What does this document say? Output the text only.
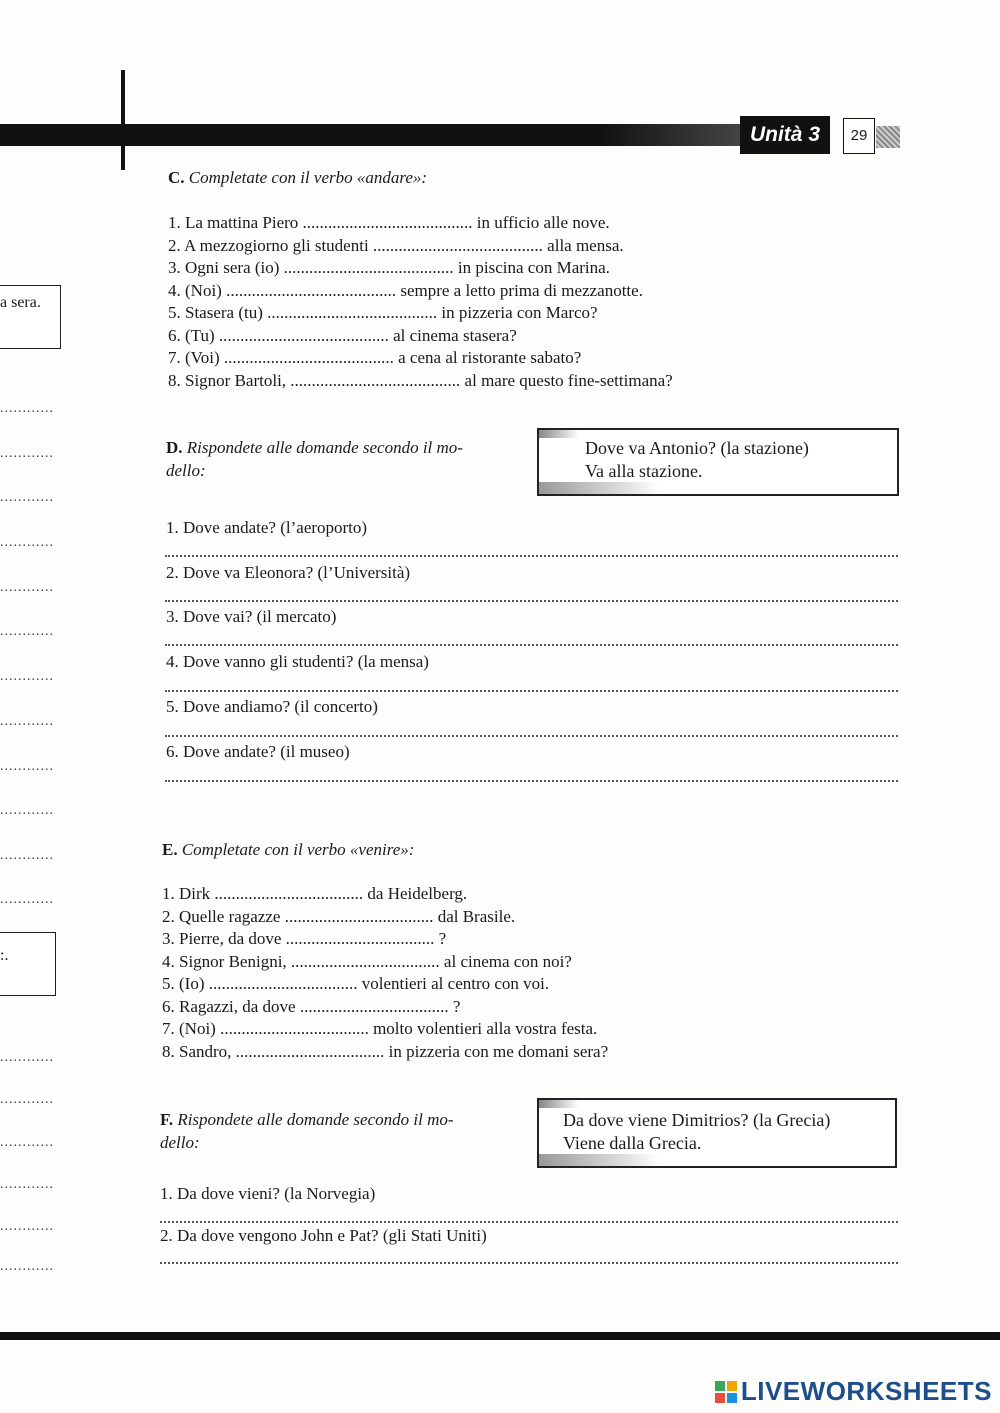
Unità 3	29
a sera.
:.
............
............
............
............
............
............
............
............
............
............
............
............
............
............
............
............
............
............
C. Completate con il verbo «andare»:
1. La mattina Piero ........................................ in ufficio alle nove.
2. A mezzogiorno gli studenti ........................................ alla mensa.
3. Ogni sera (io) ........................................ in piscina con Marina.
4. (Noi) ........................................ sempre a letto prima di mezzanotte.
5. Stasera (tu) ........................................ in pizzeria con Marco?
6. (Tu) ........................................ al cinema stasera?
7. (Voi) ........................................ a cena al ristorante sabato?
8. Signor Bartoli, ........................................ al mare questo fine-settimana?
D. Rispondete alle domande secondo il mo-
dello:
Dove va Antonio? (la stazione)
Va alla stazione.
1. Dove andate? (l’aeroporto)
2. Dove va Eleonora? (l’Università)
3. Dove vai? (il mercato)
4. Dove vanno gli studenti? (la mensa)
5. Dove andiamo? (il concerto)
6. Dove andate? (il museo)
E. Completate con il verbo «venire»:
1. Dirk ................................... da Heidelberg.
2. Quelle ragazze ................................... dal Brasile.
3. Pierre, da dove ................................... ?
4. Signor Benigni, ................................... al cinema con noi?
5. (Io) ................................... volentieri al centro con voi.
6. Ragazzi, da dove ................................... ?
7. (Noi) ................................... molto volentieri alla vostra festa.
8. Sandro, ................................... in pizzeria con me domani sera?
F. Rispondete alle domande secondo il mo-
dello:
Da dove viene Dimitrios? (la Grecia)
Viene dalla Grecia.
1. Da dove vieni? (la Norvegia)
2. Da dove vengono John e Pat? (gli Stati Uniti)
LIVEWORKSHEETS
